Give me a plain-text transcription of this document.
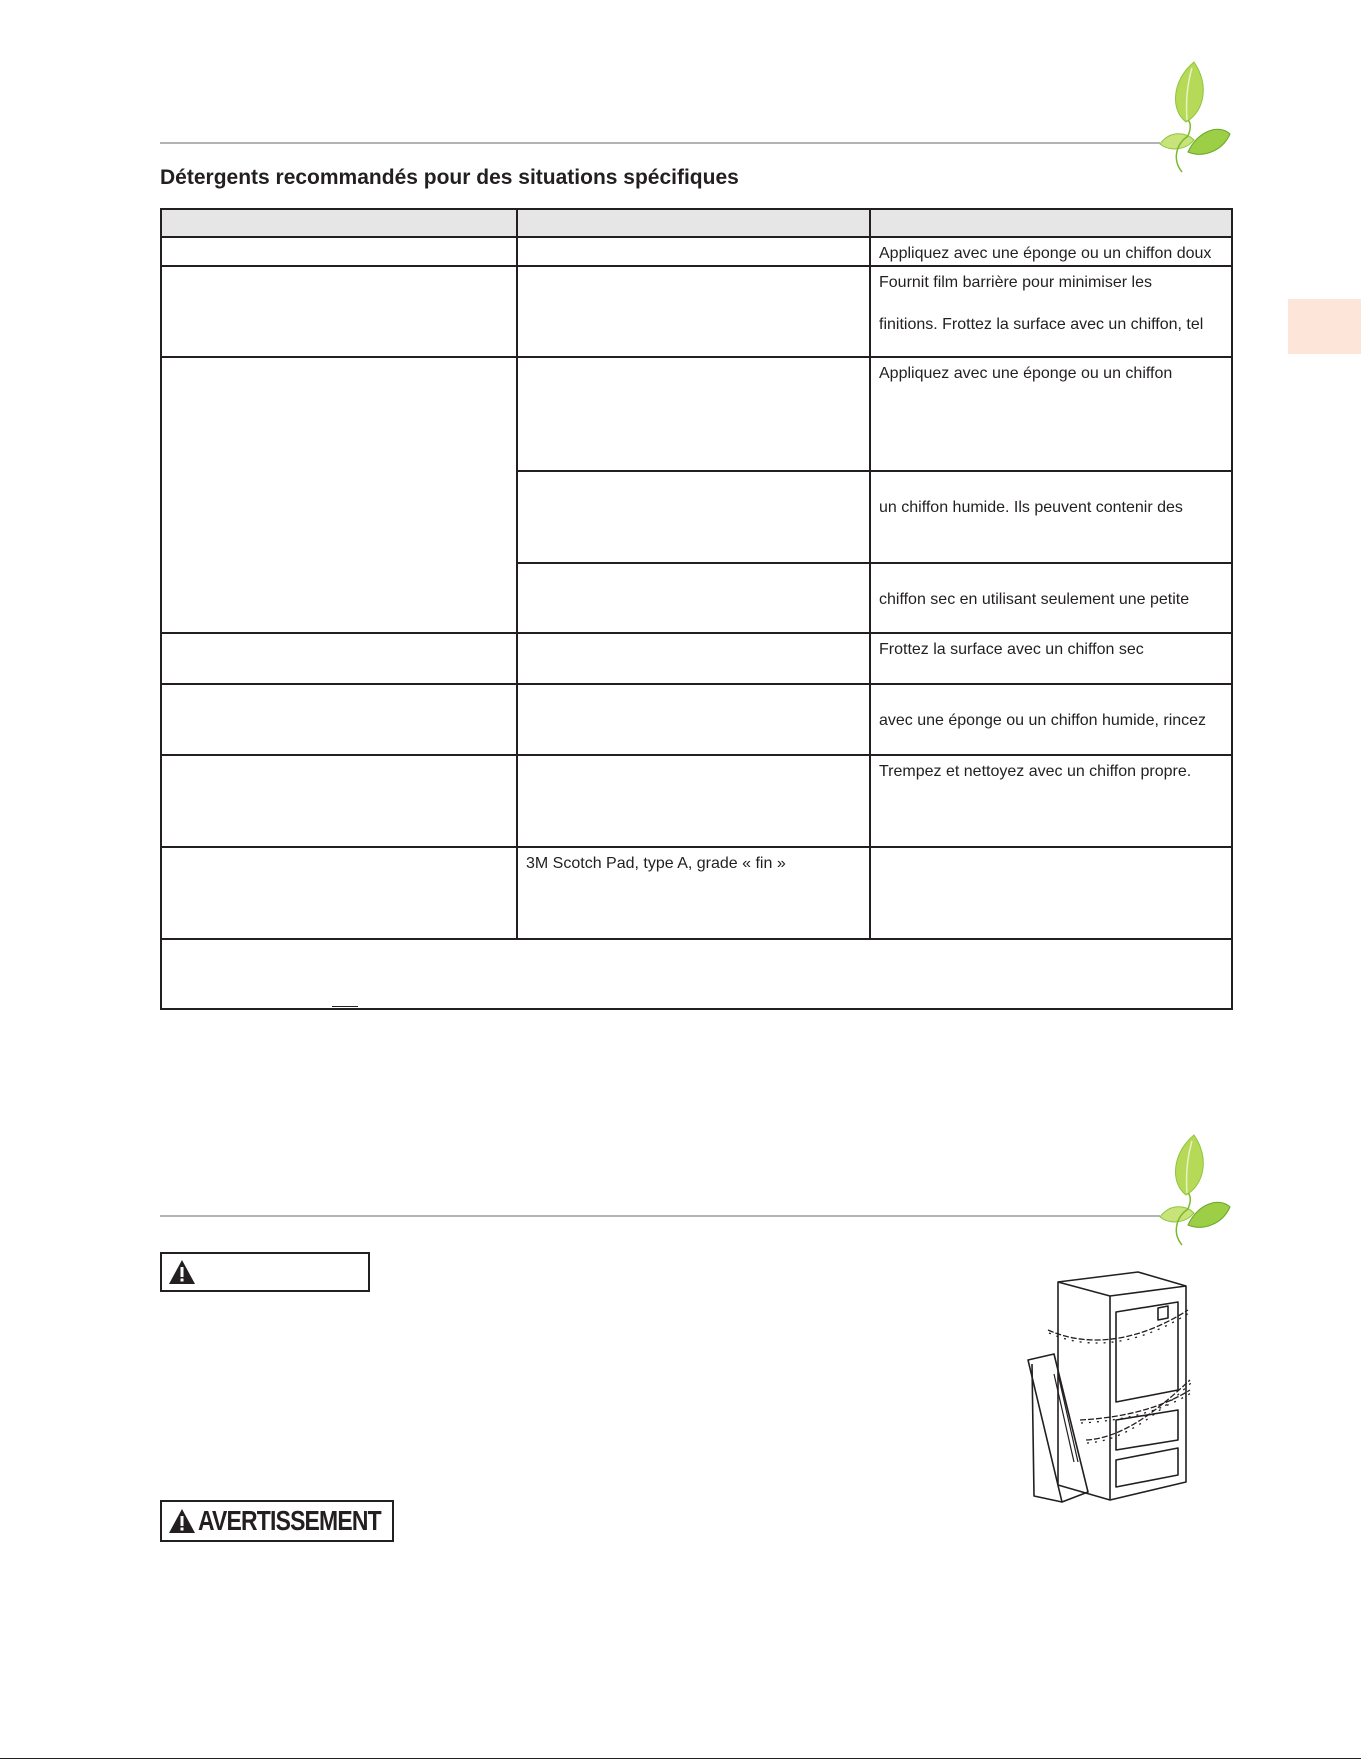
Détergents recommandés pour des situations spécifiques

		Appliquez avec une éponge ou un chiffon doux

		Fournit film barrière pour minimiser les

finitions. Frottez la surface avec un chiffon, tel

		Appliquez avec une éponge ou un chiffon

		un chiffon humide. Ils peuvent contenir des

		chiffon sec en utilisant seulement une petite

		Frottez la surface avec un chiffon sec

		avec une éponge ou un chiffon humide, rincez

		Trempez et nettoyez avec un chiffon propre.

	3M Scotch Pad, type A, grade « fin »	

AVERTISSEMENT
